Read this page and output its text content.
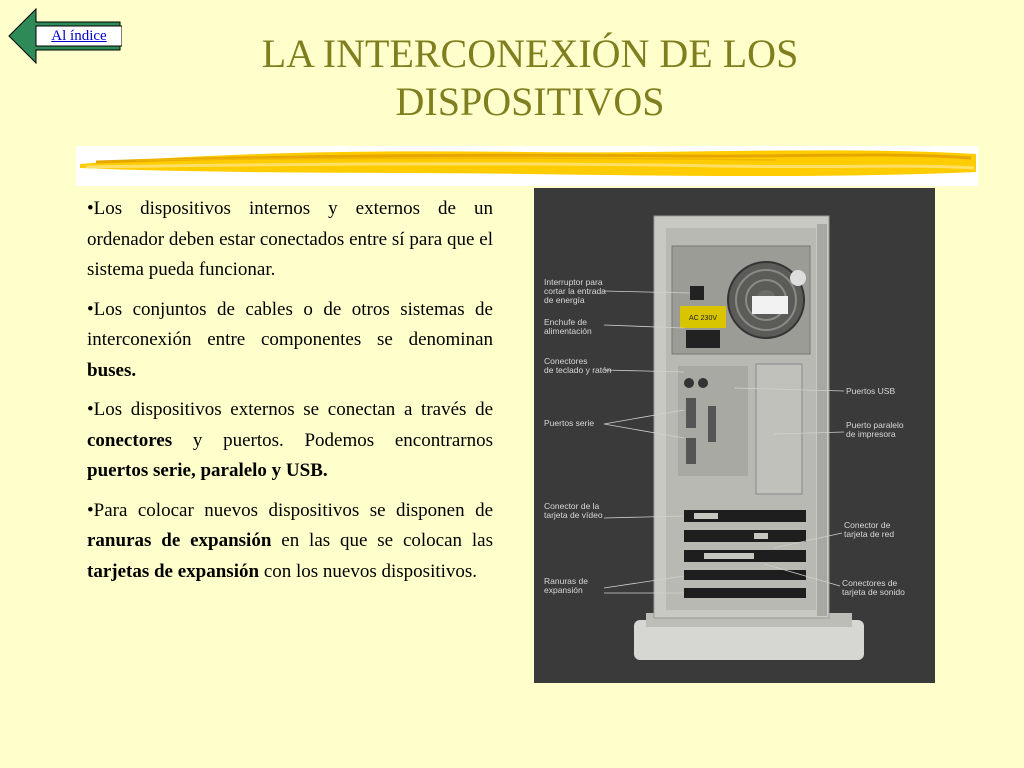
Al índice	LA INTERCONEXIÓN DE LOS
DISPOSITIVOS

•Los dispositivos internos y externos de un ordenador deben estar conectados entre sí para que el sistema pueda funcionar.

•Los conjuntos de cables o de otros sistemas de interconexión entre componentes se denominan buses.

•Los dispositivos externos se conectan a través de conectores y puertos. Podemos encontrarnos puertos serie, paralelo y USB.

•Para colocar nuevos dispositivos se disponen de ranuras de expansión en las que se colocan las tarjetas de expansión con los nuevos dispositivos.

AC 230V
Interruptor para
cortar la entrada
de energía
Enchufe de
alimentación
Conectores
de teclado y ratón
Puertos serie
Conector de la
tarjeta de vídeo
Ranuras de
expansión
Puertos USB
Puerto paralelo
de impresora
Conector de
tarjeta de red
Conectores de
tarjeta de sonido
